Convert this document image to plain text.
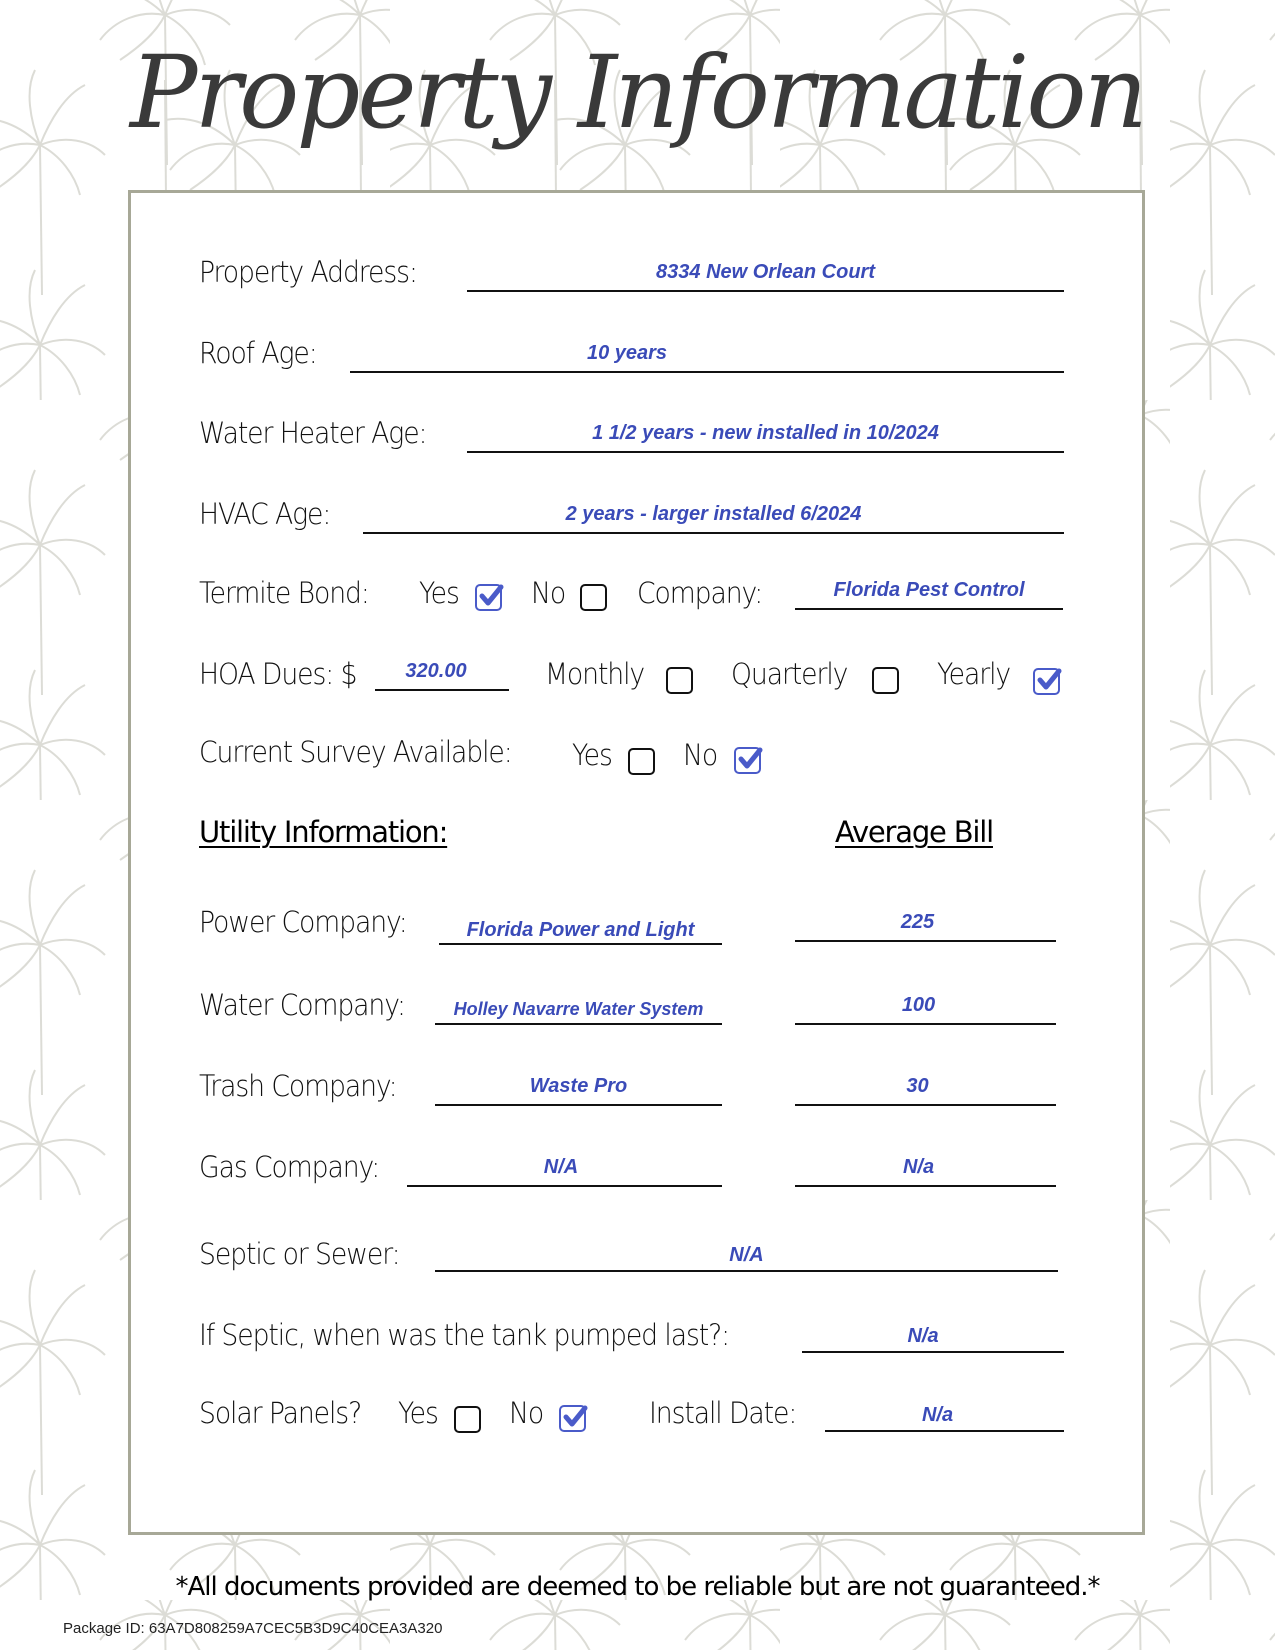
Property Information
Property Address:	8334 New Orlean Court
Roof Age:	10 years
Water Heater Age:	1 1/2 years - new installed in 10/2024
HVAC Age:	2 years - larger installed 6/2024
Termite Bond: Yes No Company:	Florida Pest Control
HOA Dues: $	320.00	Monthly	Quarterly	Yearly
Current Survey Available: Yes No
Utility Information:	Average Bill
Power Company:	Florida Power and Light	225
Water Company:	Holley Navarre Water System	100
Trash Company:	Waste Pro	30
Gas Company:	N/A	N/a
Septic or Sewer:	N/A
If Septic, when was the tank pumped last?:	N/a
Solar Panels? Yes No	Install Date:	N/a
*All documents provided are deemed to be reliable but are not guaranteed.*
Package ID: 63A7D808259A7CEC5B3D9C40CEA3A320
